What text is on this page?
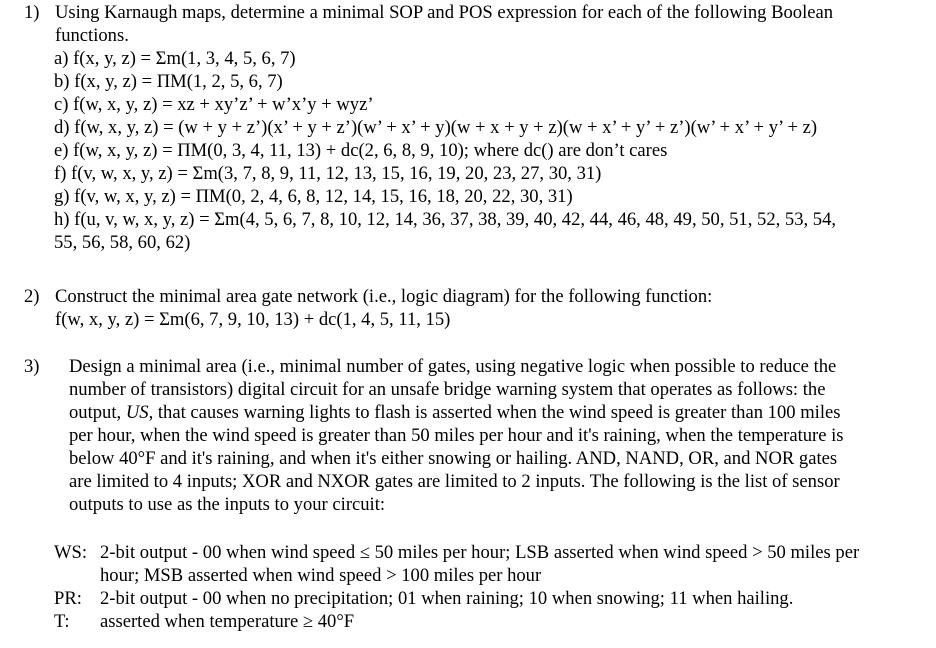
1) Using Karnaugh maps, determine a minimal SOP and POS expression for each of the following Boolean
functions.
a) f(x, y, z) = Σm(1, 3, 4, 5, 6, 7)
b) f(x, y, z) = ΠM(1, 2, 5, 6, 7)
c) f(w, x, y, z) = xz + xy’z’ + w’x’y + wyz’
d) f(w, x, y, z) = (w + y + z’)(x’ + y + z’)(w’ + x’ + y)(w + x + y + z)(w + x’ + y’ + z’)(w’ + x’ + y’ + z)
e) f(w, x, y, z) = ΠM(0, 3, 4, 11, 13) + dc(2, 6, 8, 9, 10); where dc() are don’t cares
f) f(v, w, x, y, z) = Σm(3, 7, 8, 9, 11, 12, 13, 15, 16, 19, 20, 23, 27, 30, 31)
g) f(v, w, x, y, z) = ΠM(0, 2, 4, 6, 8, 12, 14, 15, 16, 18, 20, 22, 30, 31)
h) f(u, v, w, x, y, z) = Σm(4, 5, 6, 7, 8, 10, 12, 14, 36, 37, 38, 39, 40, 42, 44, 46, 48, 49, 50, 51, 52, 53, 54,
55, 56, 58, 60, 62)
2) Construct the minimal area gate network (i.e., logic diagram) for the following function:
f(w, x, y, z) = Σm(6, 7, 9, 10, 13) + dc(1, 4, 5, 11, 15)
3) Design a minimal area (i.e., minimal number of gates, using negative logic when possible to reduce the
number of transistors) digital circuit for an unsafe bridge warning system that operates as follows: the
output, US, that causes warning lights to flash is asserted when the wind speed is greater than 100 miles
per hour, when the wind speed is greater than 50 miles per hour and it's raining, when the temperature is
below 40°F and it's raining, and when it's either snowing or hailing. AND, NAND, OR, and NOR gates
are limited to 4 inputs; XOR and NXOR gates are limited to 2 inputs. The following is the list of sensor
outputs to use as the inputs to your circuit:
WS: 2-bit output - 00 when wind speed ≤ 50 miles per hour; LSB asserted when wind speed > 50 miles per
hour; MSB asserted when wind speed > 100 miles per hour
PR: 2-bit output - 00 when no precipitation; 01 when raining; 10 when snowing; 11 when hailing.
T:	asserted when temperature ≥ 40°F
